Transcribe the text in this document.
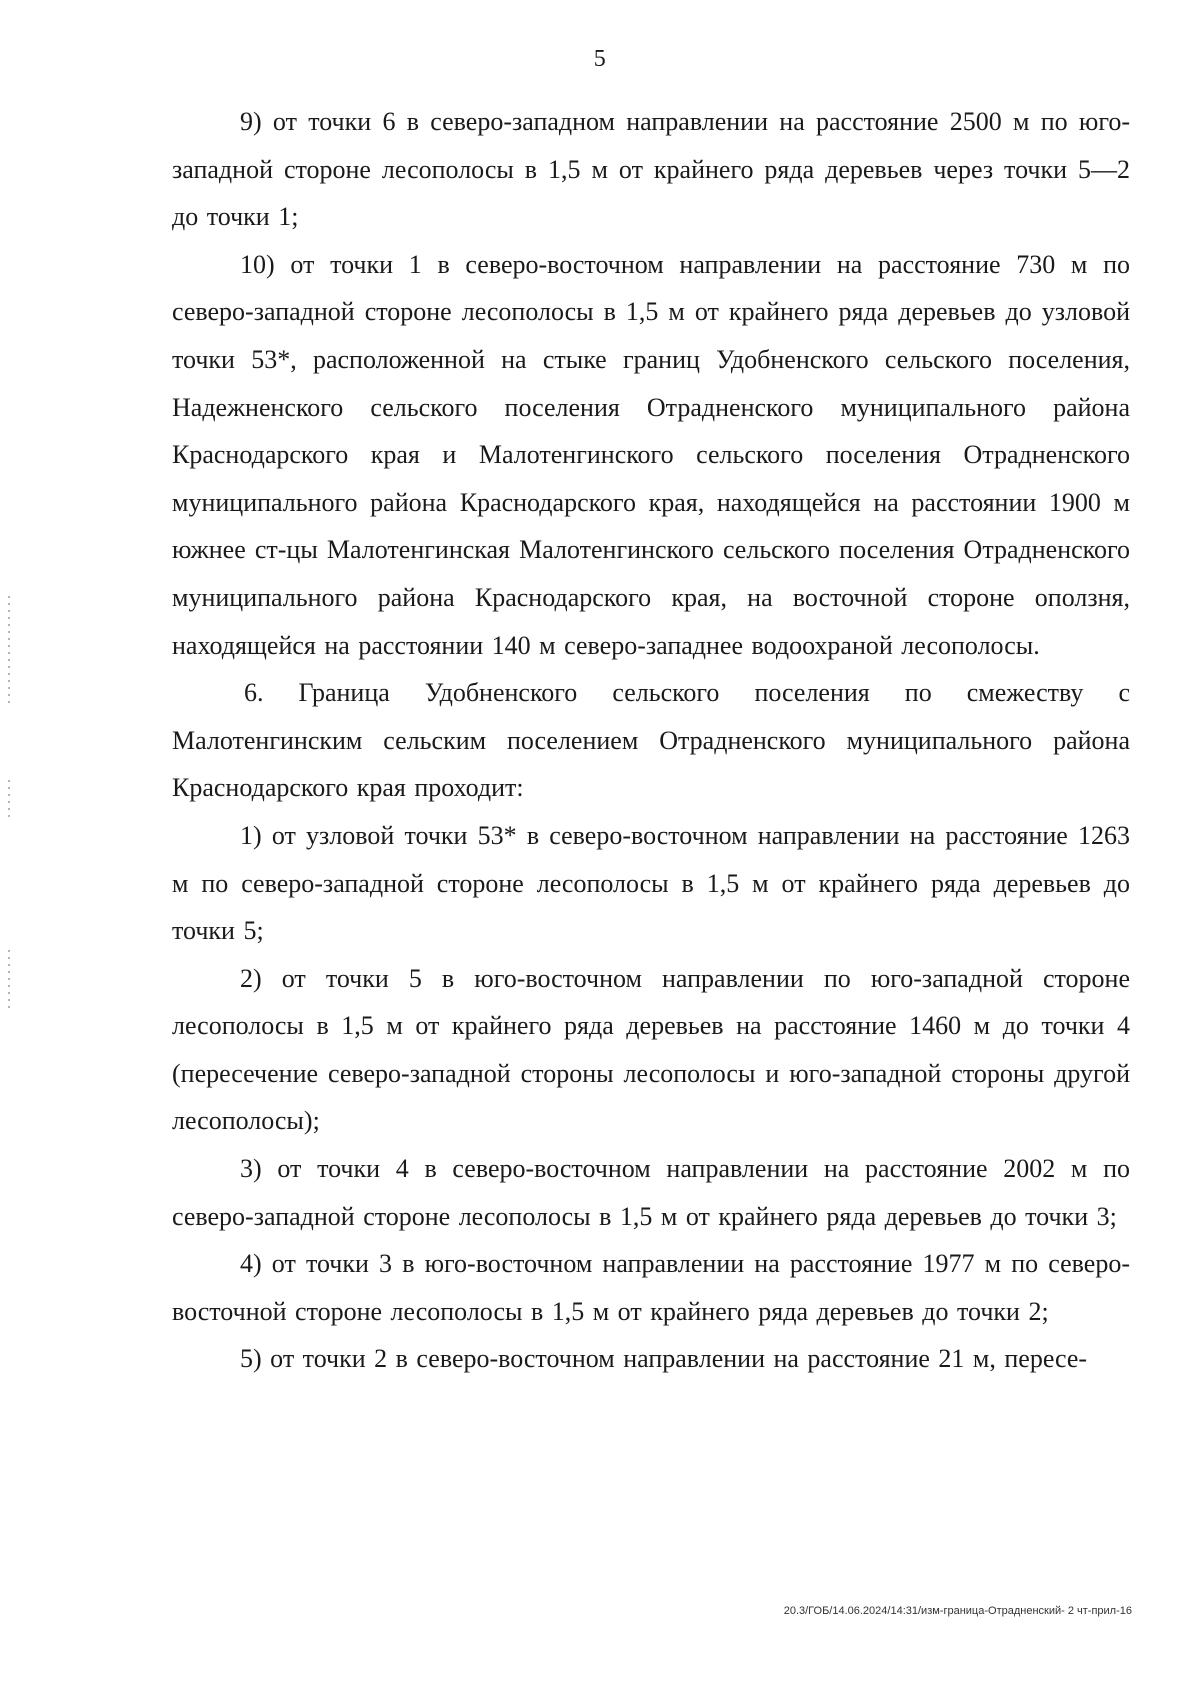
5

9) от точки 6 в северо-западном направлении на расстояние 2500 м по юго-западной стороне лесополосы в 1,5 м от крайнего ряда деревьев через точки 5—2 до точки 1;

10) от точки 1 в северо-восточном направлении на расстояние 730 м по северо-западной стороне лесополосы в 1,5 м от крайнего ряда деревьев до узловой точки 53*, расположенной на стыке границ Удобненского сельского поселения, Надежненского сельского поселения Отрадненского муниципального района Краснодарского края и Малотенгинского сельского поселения Отрадненского муниципального района Краснодарского края, находящейся на расстоянии 1900 м южнее ст-цы Малотенгинская Малотенгинского сельского поселения Отрадненского муниципального района Краснодарского края, на восточной стороне оползня, находящейся на расстоянии 140 м северо-западнее водоохраной лесополосы.

6. Граница Удобненского сельского поселения по смежеству с Малотенгинским сельским поселением Отрадненского муниципального района Краснодарского края проходит:

1) от узловой точки 53* в северо-восточном направлении на расстояние 1263 м по северо-западной стороне лесополосы в 1,5 м от крайнего ряда деревьев до точки 5;

2) от точки 5 в юго-восточном направлении по юго-западной стороне лесополосы в 1,5 м от крайнего ряда деревьев на расстояние 1460 м до точки 4 (пересечение северо-западной стороны лесополосы и юго-западной стороны другой лесополосы);

3) от точки 4 в северо-восточном направлении на расстояние 2002 м по северо-западной стороне лесополосы в 1,5 м от крайнего ряда деревьев до точки 3;

4) от точки 3 в юго-восточном направлении на расстояние 1977 м по северо-восточной стороне лесополосы в 1,5 м от крайнего ряда деревьев до точки 2;

5) от точки 2 в северо-восточном направлении на расстояние 21 м, пересе-

20.3/ГОБ/14.06.2024/14:31/изм-граница-Отрадненский- 2 чт-прил-16
